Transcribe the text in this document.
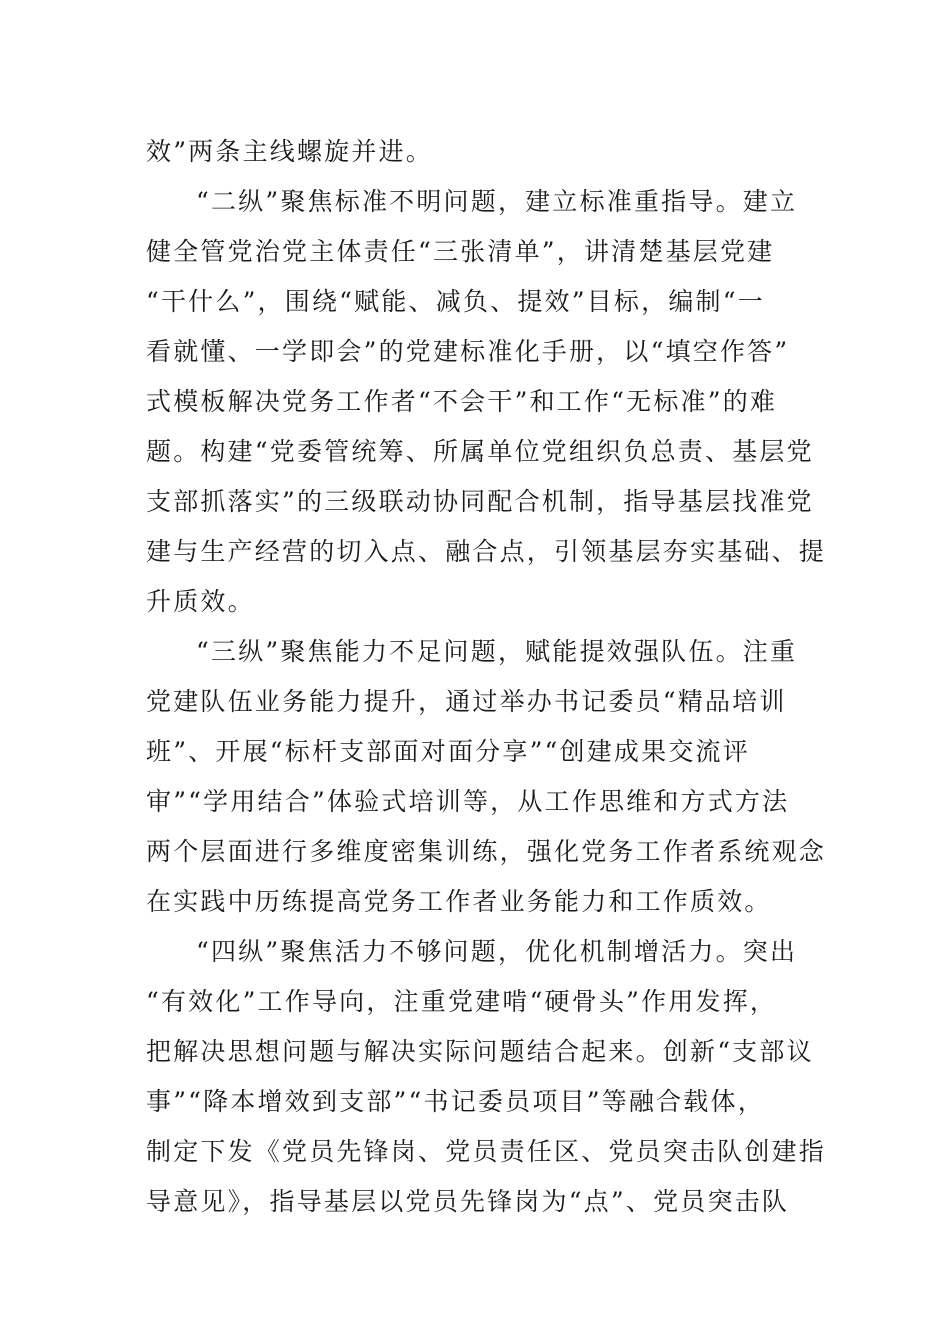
效”两条主线螺旋并进。
“二纵”聚焦标准不明问题，建立标准重指导。建立
健全管党治党主体责任“三张清单”，讲清楚基层党建
“干什么”，围绕“赋能、减负、提效”目标，编制“一
看就懂、一学即会”的党建标准化手册，以“填空作答”
式模板解决党务工作者“不会干”和工作“无标准”的难
题。构建“党委管统筹、所属单位党组织负总责、基层党
支部抓落实”的三级联动协同配合机制，指导基层找准党
建与生产经营的切入点、融合点，引领基层夯实基础、提
升质效。
“三纵”聚焦能力不足问题，赋能提效强队伍。注重
党建队伍业务能力提升，通过举办书记委员“精品培训
班”、开展“标杆支部面对面分享”“创建成果交流评
审”“学用结合”体验式培训等，从工作思维和方式方法
两个层面进行多维度密集训练，强化党务工作者系统观念
在实践中历练提高党务工作者业务能力和工作质效。
“四纵”聚焦活力不够问题，优化机制增活力。突出
“有效化”工作导向，注重党建啃“硬骨头”作用发挥，
把解决思想问题与解决实际问题结合起来。创新“支部议
事”“降本增效到支部”“书记委员项目”等融合载体，
制定下发《党员先锋岗、党员责任区、党员突击队创建指
导意见》，指导基层以党员先锋岗为“点”、党员突击队
